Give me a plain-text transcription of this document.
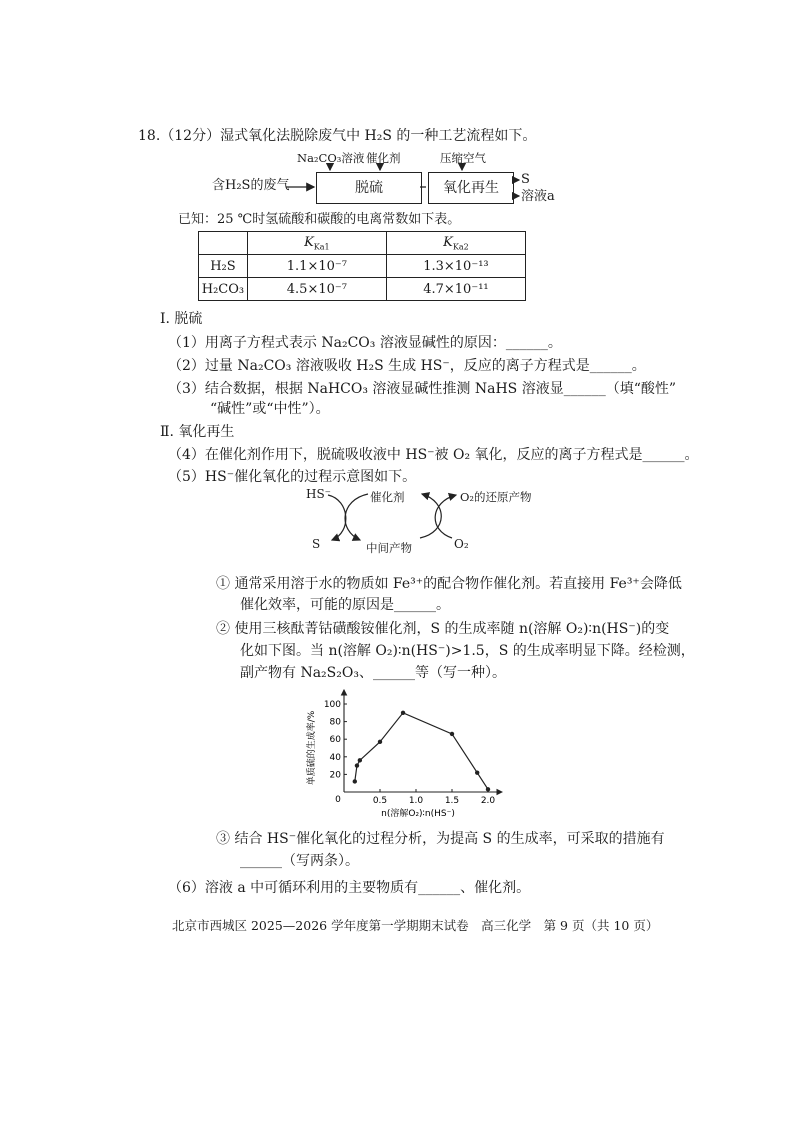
18.（12分）湿式氧化法脱除废气中 H₂S 的一种工艺流程如下。
Na₂CO₃溶液 催化剂	压缩空气
含H₂S的废气	脱硫	氧化再生
S
溶液a
已知：25 ℃时氢硫酸和碳酸的电离常数如下表。
	$K_{Ka1}$	$K_{Ka2}$
H₂S	1.1×10⁻⁷	1.3×10⁻¹³
H₂CO₃	4.5×10⁻⁷	4.7×10⁻¹¹
Ⅰ. 脱硫
（1）用离子方程式表示 Na₂CO₃ 溶液显碱性的原因：______。
（2）过量 Na₂CO₃ 溶液吸收 H₂S 生成 HS⁻，反应的离子方程式是______。
（3）结合数据，根据 NaHCO₃ 溶液显碱性推测 NaHS 溶液显______（填“酸性”
“碱性”或“中性”）。
Ⅱ. 氧化再生
（4）在催化剂作用下，脱硫吸收液中 HS⁻被 O₂ 氧化，反应的离子方程式是______。
（5）HS⁻催化氧化的过程示意图如下。
HS⁻	催化剂	O₂的还原产物
S	中间产物	O₂
① 通常采用溶于水的物质如 Fe³⁺的配合物作催化剂。若直接用 Fe³⁺会降低
催化效率，可能的原因是______。
② 使用三核酞菁钴磺酸铵催化剂，S 的生成率随 n(溶解 O₂)∶n(HS⁻)的变
化如下图。当 n(溶解 O₂)∶n(HS⁻)>1.5，S 的生成率明显下降。经检测，
副产物有 Na₂S₂O₃、______等（写一种）。
单质硫的生成率/%
n(溶解O₂)∶n(HS⁻)
0	0.5 1.0 1.5 2.0
20
40
60
80
100
③ 结合 HS⁻催化氧化的过程分析，为提高 S 的生成率，可采取的措施有
______（写两条）。
（6）溶液 a 中可循环利用的主要物质有______、催化剂。
北京市西城区 2025—2026 学年度第一学期期末试卷　高三化学　第 9 页（共 10 页）
